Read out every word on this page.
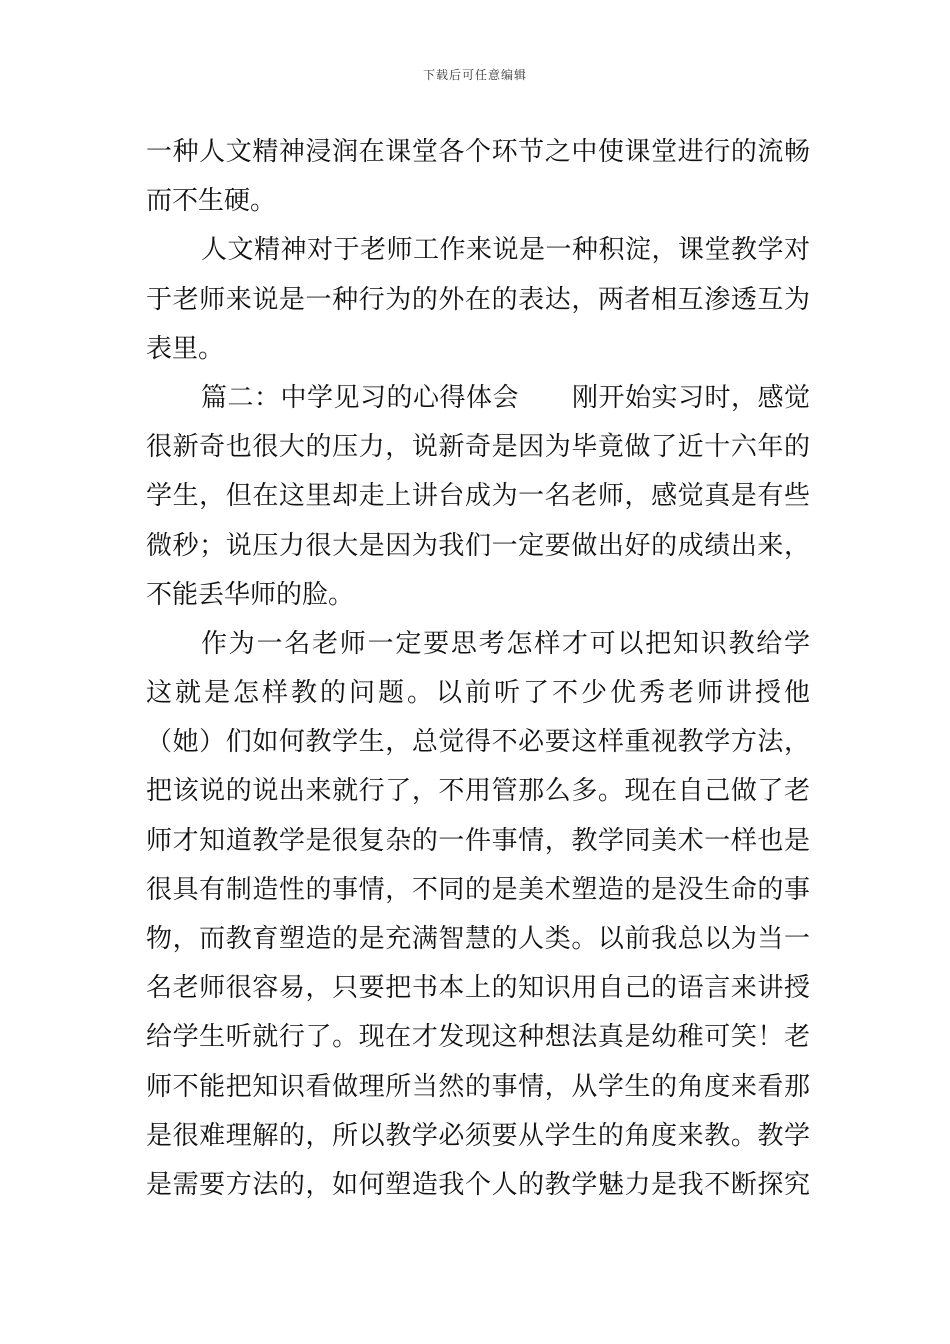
下载后可任意编辑
一种人文精神浸润在课堂各个环节之中使课堂进行的流畅
而不生硬。
人文精神对于老师工作来说是一种积淀，课堂教学对
于老师来说是一种行为的外在的表达，两者相互渗透互为
表里。
篇二：中学见习的心得体会　　刚开始实习时，感觉
很新奇也很大的压力，说新奇是因为毕竟做了近十六年的
学生，但在这里却走上讲台成为一名老师，感觉真是有些
微秒；说压力很大是因为我们一定要做出好的成绩出来，
不能丢华师的脸。
作为一名老师一定要思考怎样才可以把知识教给学
这就是怎样教的问题。以前听了不少优秀老师讲授他
（她）们如何教学生，总觉得不必要这样重视教学方法，
把该说的说出来就行了，不用管那么多。现在自己做了老
师才知道教学是很复杂的一件事情，教学同美术一样也是
很具有制造性的事情，不同的是美术塑造的是没生命的事
物，而教育塑造的是充满智慧的人类。以前我总以为当一
名老师很容易，只要把书本上的知识用自己的语言来讲授
给学生听就行了。现在才发现这种想法真是幼稚可笑！老
师不能把知识看做理所当然的事情，从学生的角度来看那
是很难理解的，所以教学必须要从学生的角度来教。教学
是需要方法的，如何塑造我个人的教学魅力是我不断探究
